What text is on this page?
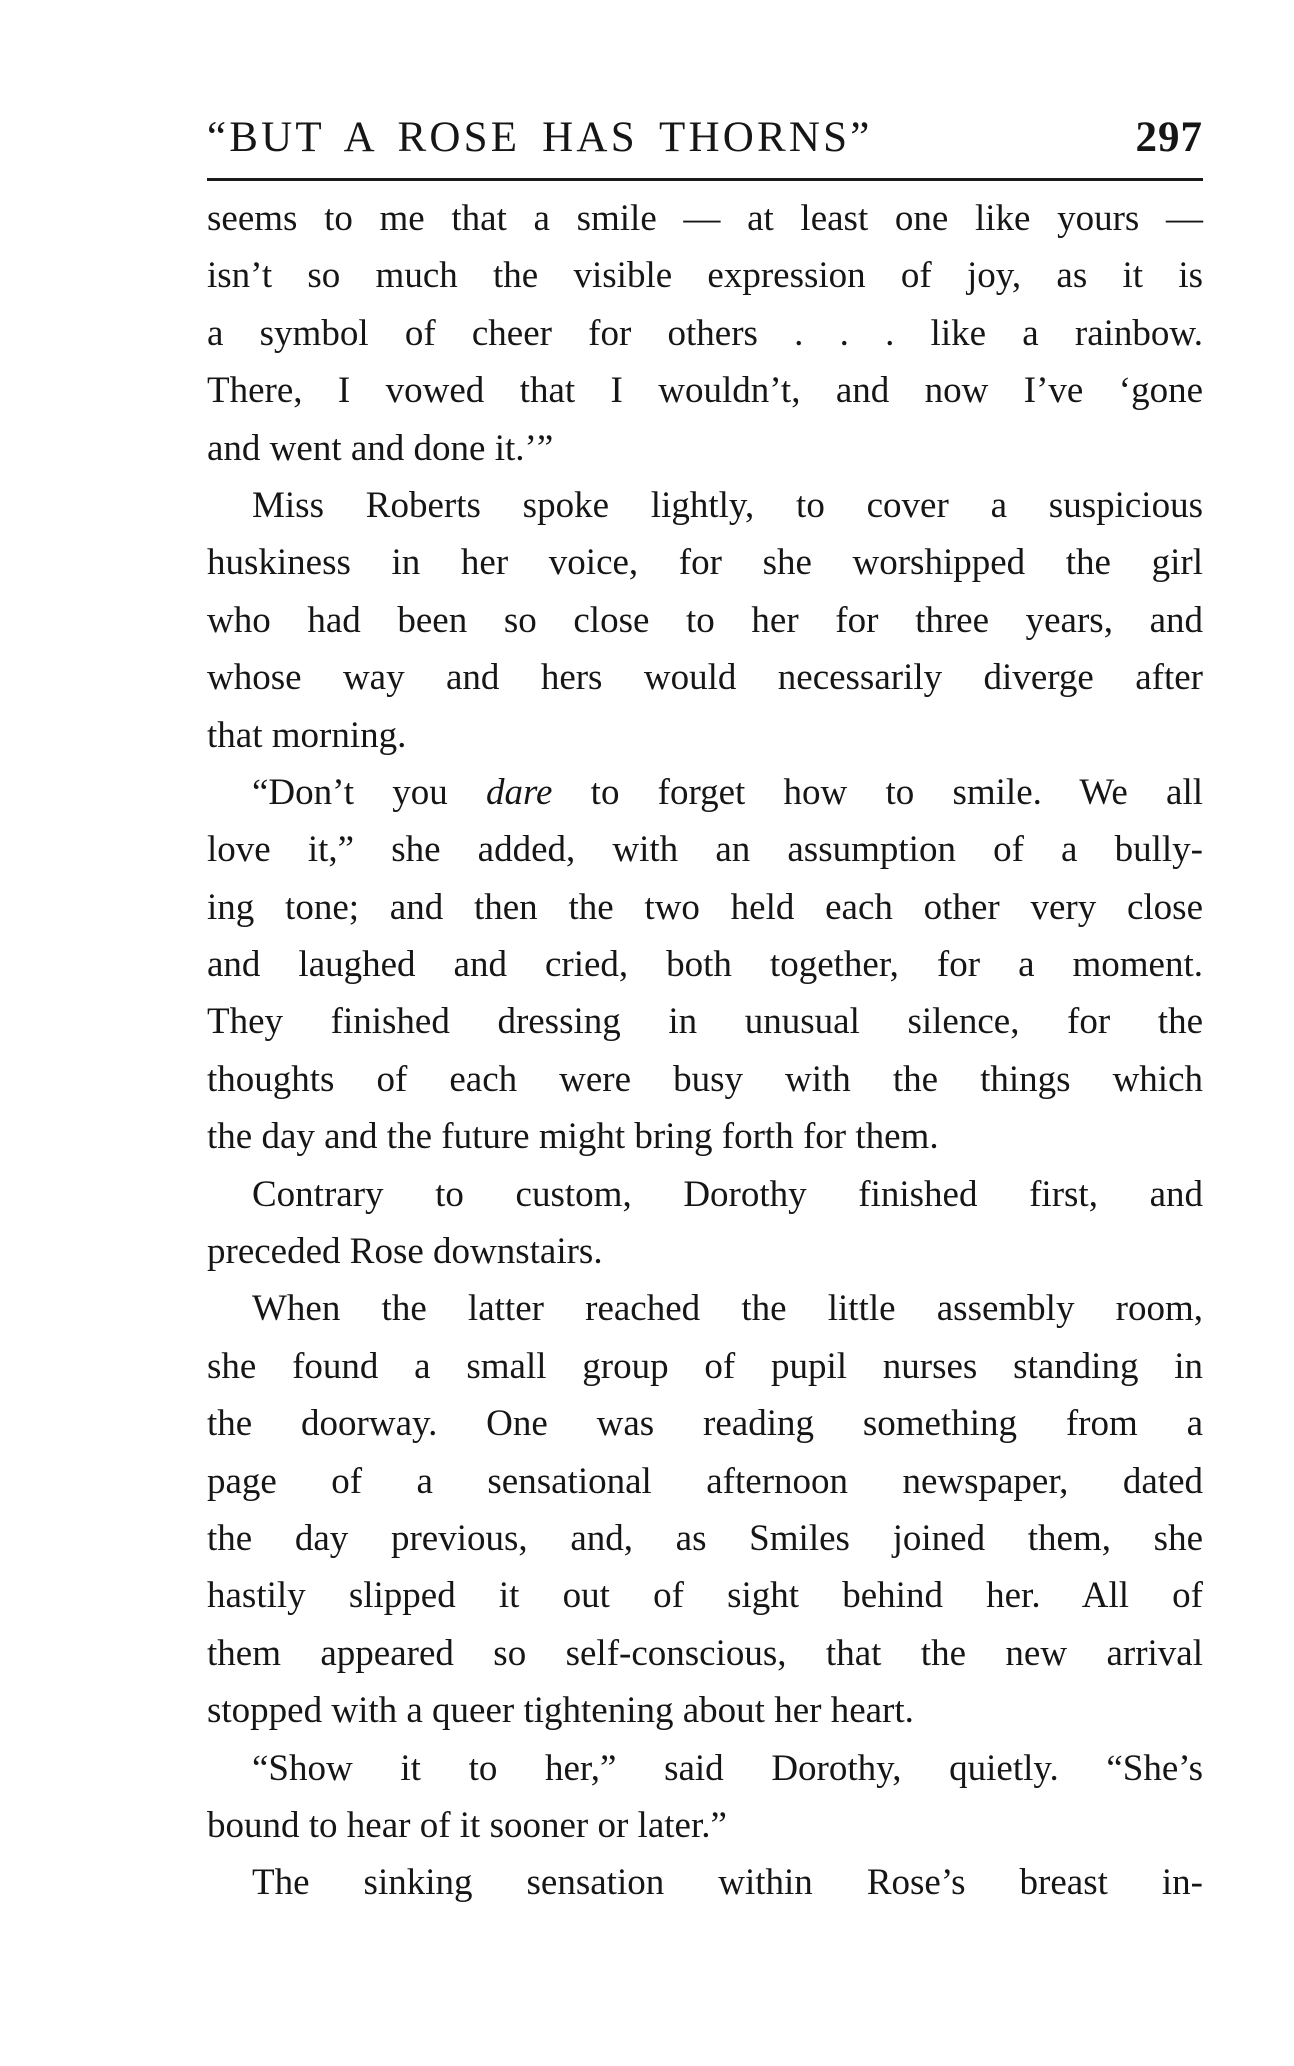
“BUT A ROSE HAS THORNS”	297

seems to me that a smile — at least one like yours —
isn’t so much the visible expression of joy, as it is
a symbol of cheer for others . . . like a rainbow.
There, I vowed that I wouldn’t, and now I’ve ‘gone
and went and done it.’”

Miss Roberts spoke lightly, to cover a suspicious
huskiness in her voice, for she worshipped the girl
who had been so close to her for three years, and
whose way and hers would necessarily diverge after
that morning.

“Don’t you dare to forget how to smile. We all
love it,” she added, with an assumption of a bully-
ing tone; and then the two held each other very close
and laughed and cried, both together, for a moment.
They finished dressing in unusual silence, for the
thoughts of each were busy with the things which
the day and the future might bring forth for them.

Contrary to custom, Dorothy finished first, and
preceded Rose downstairs.

When the latter reached the little assembly room,
she found a small group of pupil nurses standing in
the doorway. One was reading something from a
page of a sensational afternoon newspaper, dated
the day previous, and, as Smiles joined them, she
hastily slipped it out of sight behind her. All of
them appeared so self-conscious, that the new arrival
stopped with a queer tightening about her heart.

“Show it to her,” said Dorothy, quietly. “She’s
bound to hear of it sooner or later.”

The sinking sensation within Rose’s breast in-
